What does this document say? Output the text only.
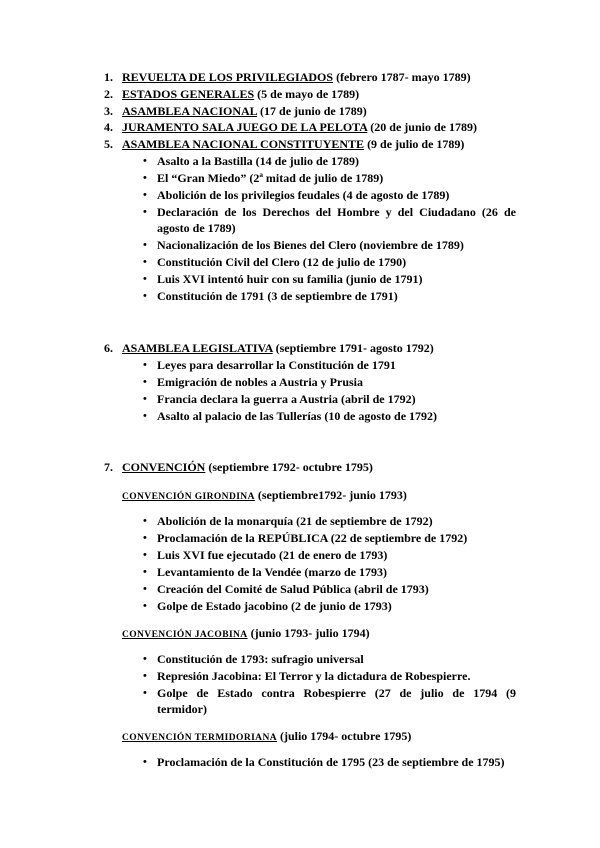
1. REVUELTA DE LOS PRIVILEGIADOS (febrero 1787- mayo 1789)
2. ESTADOS GENERALES (5 de mayo de 1789)
3. ASAMBLEA NACIONAL (17 de junio de 1789)
4. JURAMENTO SALA JUEGO DE LA PELOTA (20 de junio de 1789)
5. ASAMBLEA NACIONAL CONSTITUYENTE (9 de julio de 1789)
• Asalto a la Bastilla (14 de julio de 1789)
• El “Gran Miedo” (2ª mitad de julio de 1789)
• Abolición de los privilegios feudales (4 de agosto de 1789)
• Declaración de los Derechos del Hombre y del Ciudadano (26 de
agosto de 1789)
• Nacionalización de los Bienes del Clero (noviembre de 1789)
• Constitución Civil del Clero (12 de julio de 1790)
• Luis XVI intentó huir con su familia (junio de 1791)
• Constitución de 1791 (3 de septiembre de 1791)
6. ASAMBLEA LEGISLATIVA (septiembre 1791- agosto 1792)
• Leyes para desarrollar la Constitución de 1791
• Emigración de nobles a Austria y Prusia
• Francia declara la guerra a Austria (abril de 1792)
• Asalto al palacio de las Tullerías (10 de agosto de 1792)
7. CONVENCIÓN (septiembre 1792- octubre 1795)
CONVENCIÓN GIRONDINA (septiembre1792- junio 1793)
• Abolición de la monarquía (21 de septiembre de 1792)
• Proclamación de la REPÚBLICA (22 de septiembre de 1792)
• Luis XVI fue ejecutado (21 de enero de 1793)
• Levantamiento de la Vendée (marzo de 1793)
• Creación del Comité de Salud Pública (abril de 1793)
• Golpe de Estado jacobino (2 de junio de 1793)
CONVENCIÓN JACOBINA (junio 1793- julio 1794)
• Constitución de 1793: sufragio universal
• Represión Jacobina: El Terror y la dictadura de Robespierre.
• Golpe de Estado contra Robespierre (27 de julio de 1794 (9
termidor)
CONVENCIÓN TERMIDORIANA (julio 1794- octubre 1795)
• Proclamación de la Constitución de 1795 (23 de septiembre de 1795)
